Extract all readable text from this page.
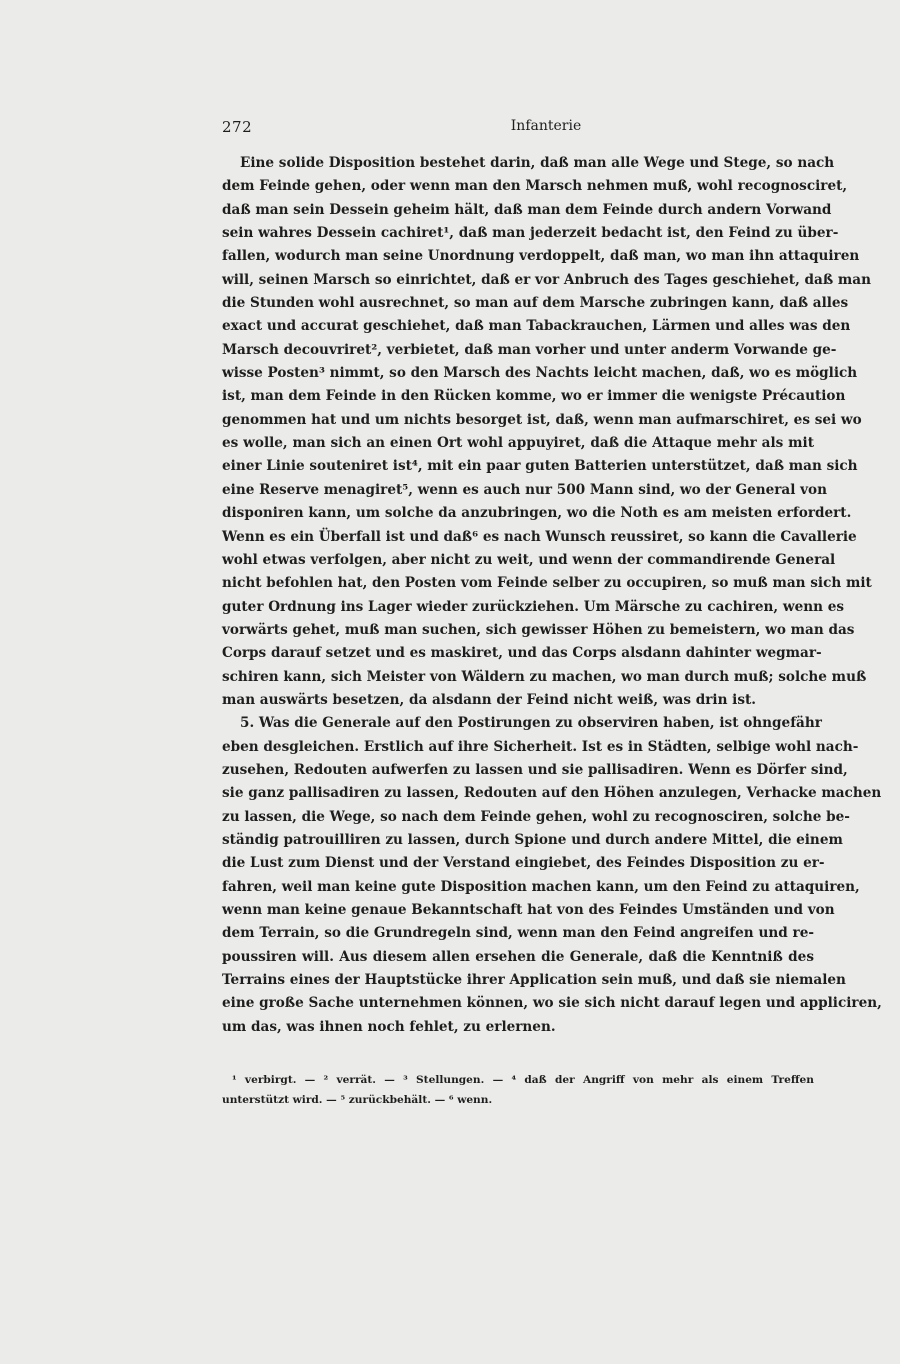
272	Infanterie
Eine solide Disposition bestehet darin, daß man alle Wege und Stege, so nach
dem Feinde gehen, oder wenn man den Marsch nehmen muß, wohl recognosciret,
daß man sein Dessein geheim hält, daß man dem Feinde durch andern Vorwand
sein wahres Dessein cachiret¹, daß man jederzeit bedacht ist, den Feind zu über-
fallen, wodurch man seine Unordnung verdoppelt, daß man, wo man ihn attaquiren
will, seinen Marsch so einrichtet, daß er vor Anbruch des Tages geschiehet, daß man
die Stunden wohl ausrechnet, so man auf dem Marsche zubringen kann, daß alles
exact und accurat geschiehet, daß man Tabackrauchen, Lärmen und alles was den
Marsch decouvriret², verbietet, daß man vorher und unter anderm Vorwande ge-
wisse Posten³ nimmt, so den Marsch des Nachts leicht machen, daß, wo es möglich
ist, man dem Feinde in den Rücken komme, wo er immer die wenigste Précaution
genommen hat und um nichts besorget ist, daß, wenn man aufmarschiret, es sei wo
es wolle, man sich an einen Ort wohl appuyiret, daß die Attaque mehr als mit
einer Linie souteniret ist⁴, mit ein paar guten Batterien unterstützet, daß man sich
eine Reserve menagiret⁵, wenn es auch nur 500 Mann sind, wo der General von
disponiren kann, um solche da anzubringen, wo die Noth es am meisten erfordert.
Wenn es ein Überfall ist und daß⁶ es nach Wunsch reussiret, so kann die Cavallerie
wohl etwas verfolgen, aber nicht zu weit, und wenn der commandirende General
nicht befohlen hat, den Posten vom Feinde selber zu occupiren, so muß man sich mit
guter Ordnung ins Lager wieder zurückziehen. Um Märsche zu cachiren, wenn es
vorwärts gehet, muß man suchen, sich gewisser Höhen zu bemeistern, wo man das
Corps darauf setzet und es maskiret, und das Corps alsdann dahinter wegmar-
schiren kann, sich Meister von Wäldern zu machen, wo man durch muß; solche muß
man auswärts besetzen, da alsdann der Feind nicht weiß, was drin ist.
5. Was die Generale auf den Postirungen zu observiren haben, ist ohngefähr
eben desgleichen. Erstlich auf ihre Sicherheit. Ist es in Städten, selbige wohl nach-
zusehen, Redouten aufwerfen zu lassen und sie pallisadiren. Wenn es Dörfer sind,
sie ganz pallisadiren zu lassen, Redouten auf den Höhen anzulegen, Verhacke machen
zu lassen, die Wege, so nach dem Feinde gehen, wohl zu recognosciren, solche be-
ständig patrouilliren zu lassen, durch Spione und durch andere Mittel, die einem
die Lust zum Dienst und der Verstand eingiebet, des Feindes Disposition zu er-
fahren, weil man keine gute Disposition machen kann, um den Feind zu attaquiren,
wenn man keine genaue Bekanntschaft hat von des Feindes Umständen und von
dem Terrain, so die Grundregeln sind, wenn man den Feind angreifen und re-
poussiren will. Aus diesem allen ersehen die Generale, daß die Kenntniß des
Terrains eines der Hauptstücke ihrer Application sein muß, und daß sie niemalen
eine große Sache unternehmen können, wo sie sich nicht darauf legen und appliciren,
um das, was ihnen noch fehlet, zu erlernen.
¹ verbirgt. — ² verrät. — ³ Stellungen. — ⁴ daß der Angriff von mehr als einem Treffen
unterstützt wird. — ⁵ zurückbehält. — ⁶ wenn.
